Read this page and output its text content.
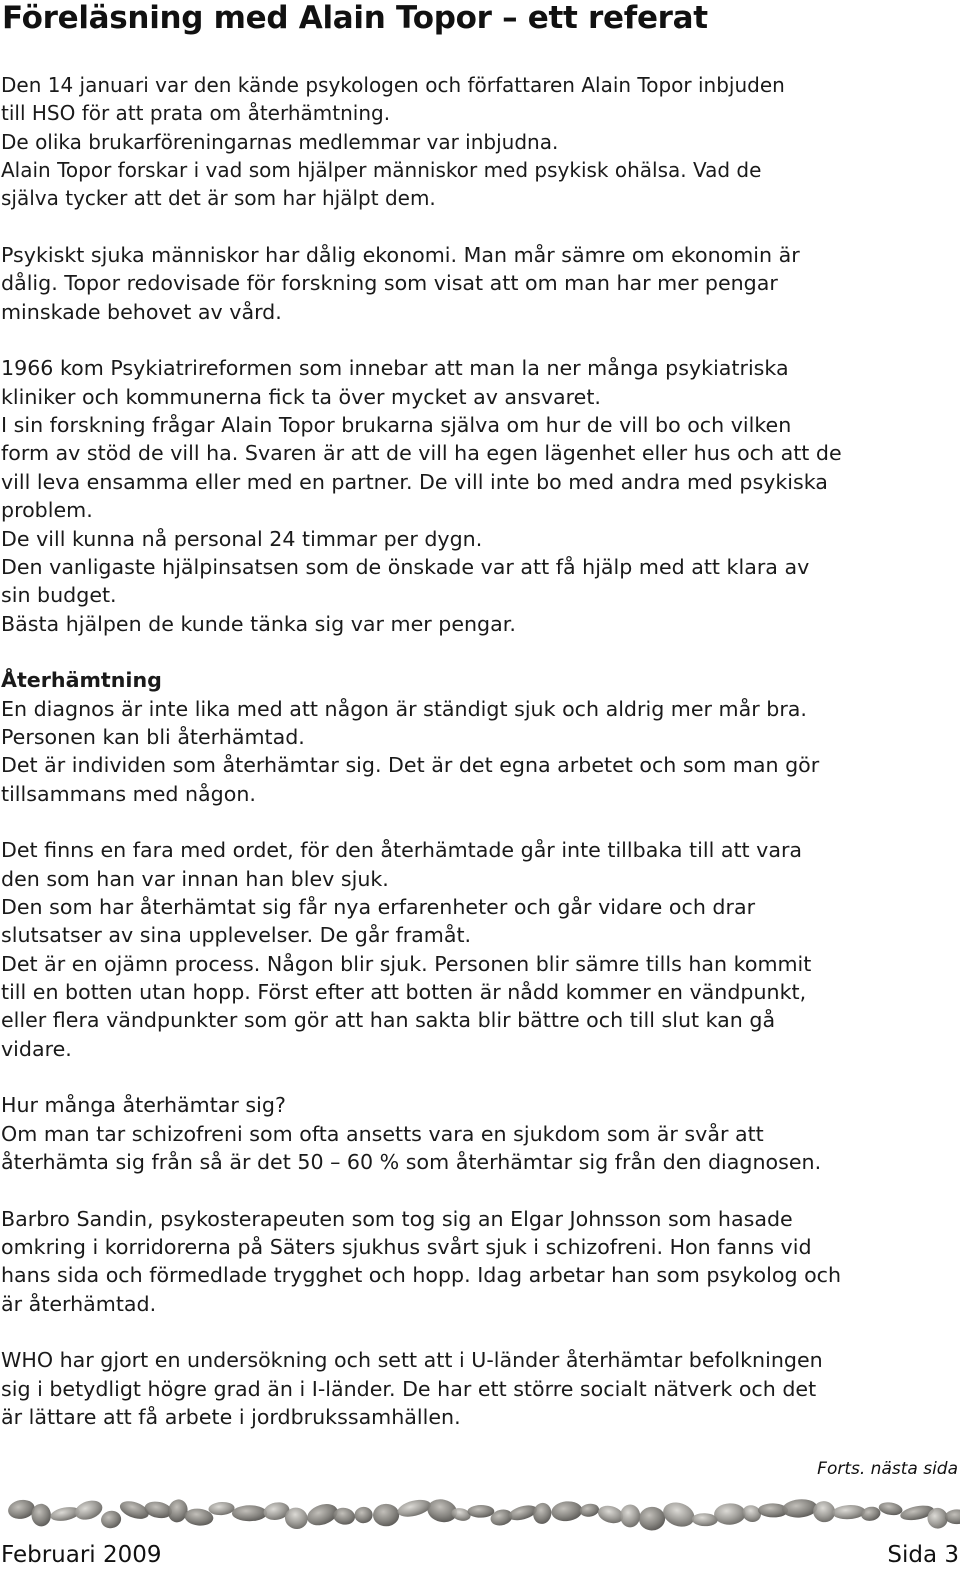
Föreläsning med Alain Topor – ett referat
Den 14 januari var den kände psykologen och författaren Alain Topor inbjuden
till HSO för att prata om återhämtning.
De olika brukarföreningarnas medlemmar var inbjudna.
Alain Topor forskar i vad som hjälper människor med psykisk ohälsa. Vad de
själva tycker att det är som har hjälpt dem.
Psykiskt sjuka människor har dålig ekonomi. Man mår sämre om ekonomin är
dålig. Topor redovisade för forskning som visat att om man har mer pengar
minskade behovet av vård.
1966 kom Psykiatrireformen som innebar att man la ner många psykiatriska
kliniker och kommunerna fick ta över mycket av ansvaret.
I sin forskning frågar Alain Topor brukarna själva om hur de vill bo och vilken
form av stöd de vill ha. Svaren är att de vill ha egen lägenhet eller hus och att de
vill leva ensamma eller med en partner. De vill inte bo med andra med psykiska
problem.
De vill kunna nå personal 24 timmar per dygn.
Den vanligaste hjälpinsatsen som de önskade var att få hjälp med att klara av
sin budget.
Bästa hjälpen de kunde tänka sig var mer pengar.
Återhämtning
En diagnos är inte lika med att någon är ständigt sjuk och aldrig mer mår bra.
Personen kan bli återhämtad.
Det är individen som återhämtar sig. Det är det egna arbetet och som man gör
tillsammans med någon.
Det finns en fara med ordet, för den återhämtade går inte tillbaka till att vara
den som han var innan han blev sjuk.
Den som har återhämtat sig får nya erfarenheter och går vidare och drar
slutsatser av sina upplevelser. De går framåt.
Det är en ojämn process. Någon blir sjuk. Personen blir sämre tills han kommit
till en botten utan hopp. Först efter att botten är nådd kommer en vändpunkt,
eller flera vändpunkter som gör att han sakta blir bättre och till slut kan gå
vidare.
Hur många återhämtar sig?
Om man tar schizofreni som ofta ansetts vara en sjukdom som är svår att
återhämta sig från så är det 50 – 60 % som återhämtar sig från den diagnosen.
Barbro Sandin, psykosterapeuten som tog sig an Elgar Johnsson som hasade
omkring i korridorerna på Säters sjukhus svårt sjuk i schizofreni. Hon fanns vid
hans sida och förmedlade trygghet och hopp. Idag arbetar han som psykolog och
är återhämtad.
WHO har gjort en undersökning och sett att i U-länder återhämtar befolkningen
sig i betydligt högre grad än i I-länder. De har ett större socialt nätverk och det
är lättare att få arbete i jordbrukssamhällen.
Forts. nästa sida
Februari 2009	Sida 3
